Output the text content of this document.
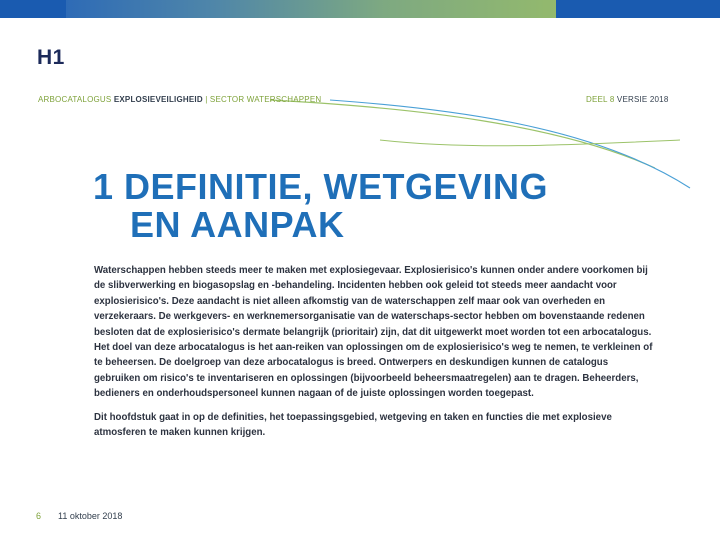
H1
ARBOCATALOGUS EXPLOSIEVEILIGHEID | SECTOR WATERSCHAPPEN	DEEL 8 VERSIE 2018
1 DEFINITIE, WETGEVING
EN AANPAK

Waterschappen hebben steeds meer te maken met explosiegevaar. Explosierisico's kunnen onder andere voorkomen bij de slibverwerking en biogasopslag en -behandeling. Incidenten hebben ook geleid tot steeds meer aandacht voor explosierisico's. Deze aandacht is niet alleen afkomstig van de waterschappen zelf maar ook van overheden en verzekeraars. De werkgevers- en werknemersorganisatie van de waterschaps-sector hebben om bovenstaande redenen besloten dat de explosierisico's dermate belangrijk (prioritair) zijn, dat dit uitgewerkt moet worden tot een arbocatalogus. Het doel van deze arbocatalogus is het aan-reiken van oplossingen om de explosierisico's weg te nemen, te verkleinen of te beheersen. De doelgroep van deze arbocatalogus is breed. Ontwerpers en deskundigen kunnen de catalogus gebruiken om risico's te inventariseren en oplossingen (bijvoorbeeld beheersmaatregelen) aan te dragen. Beheerders, bedieners en onderhoudspersoneel kunnen nagaan of de juiste oplossingen worden toegepast.

Dit hoofdstuk gaat in op de definities, het toepassingsgebied, wetgeving en taken en functies die met explosieve atmosferen te maken kunnen krijgen.

6 11 oktober 2018
